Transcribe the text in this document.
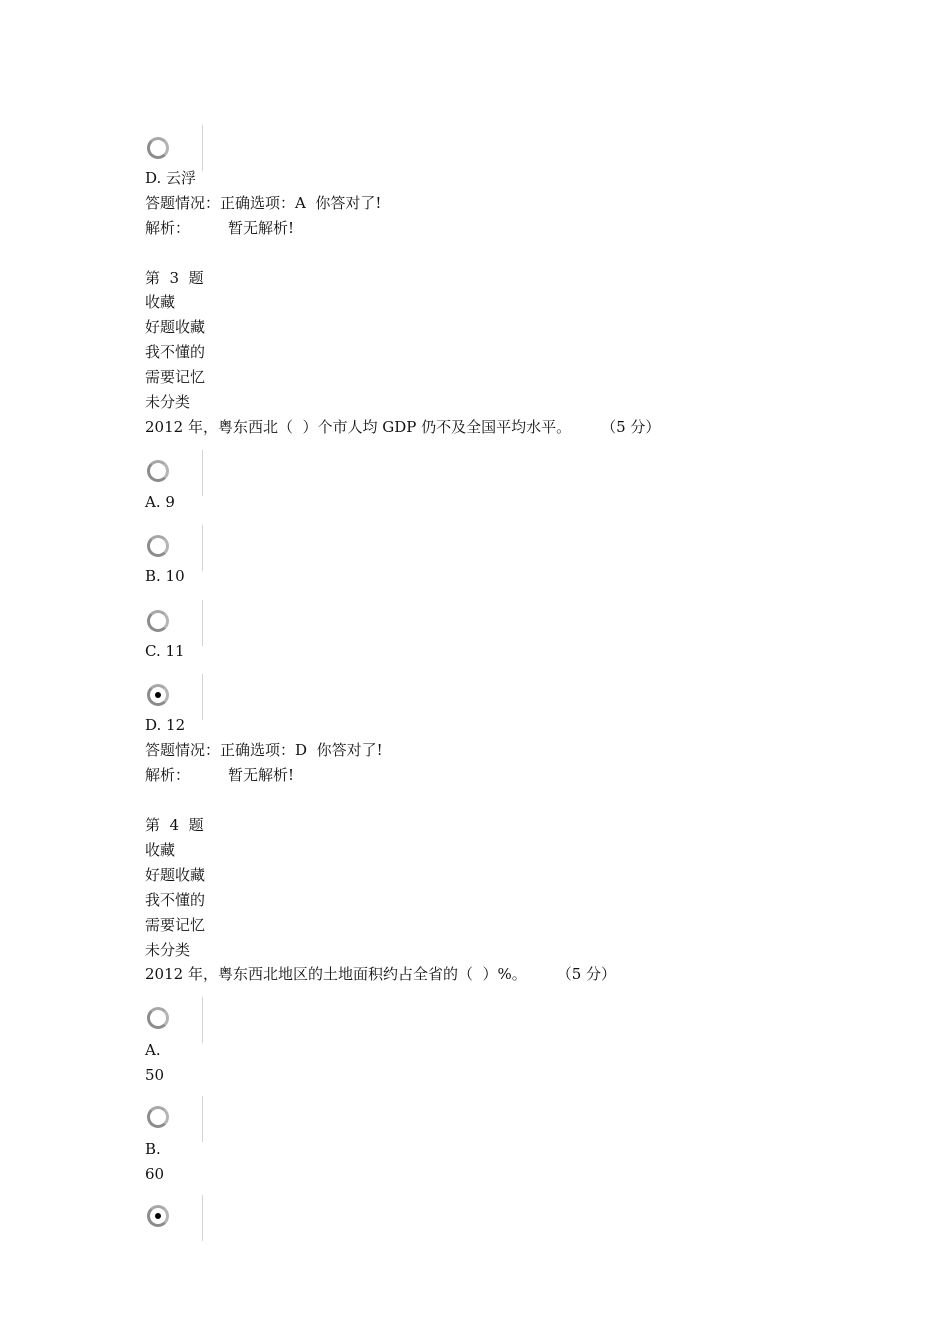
D. 云浮
答题情况：正确选项：A  你答对了!
解析：	暂无解析!
第  3  题
收藏
好题收藏
我不懂的
需要记忆
未分类
2012 年，粤东西北（  ）个市人均 GDP 仍不及全国平均水平。 （5 分）
A. 9
B. 10
C. 11
D. 12
答题情况：正确选项：D  你答对了!
解析：	暂无解析!
第  4  题
收藏
好题收藏
我不懂的
需要记忆
未分类
2012 年，粤东西北地区的土地面积约占全省的（  ）%。 （5 分）
A.
50
B.
60
